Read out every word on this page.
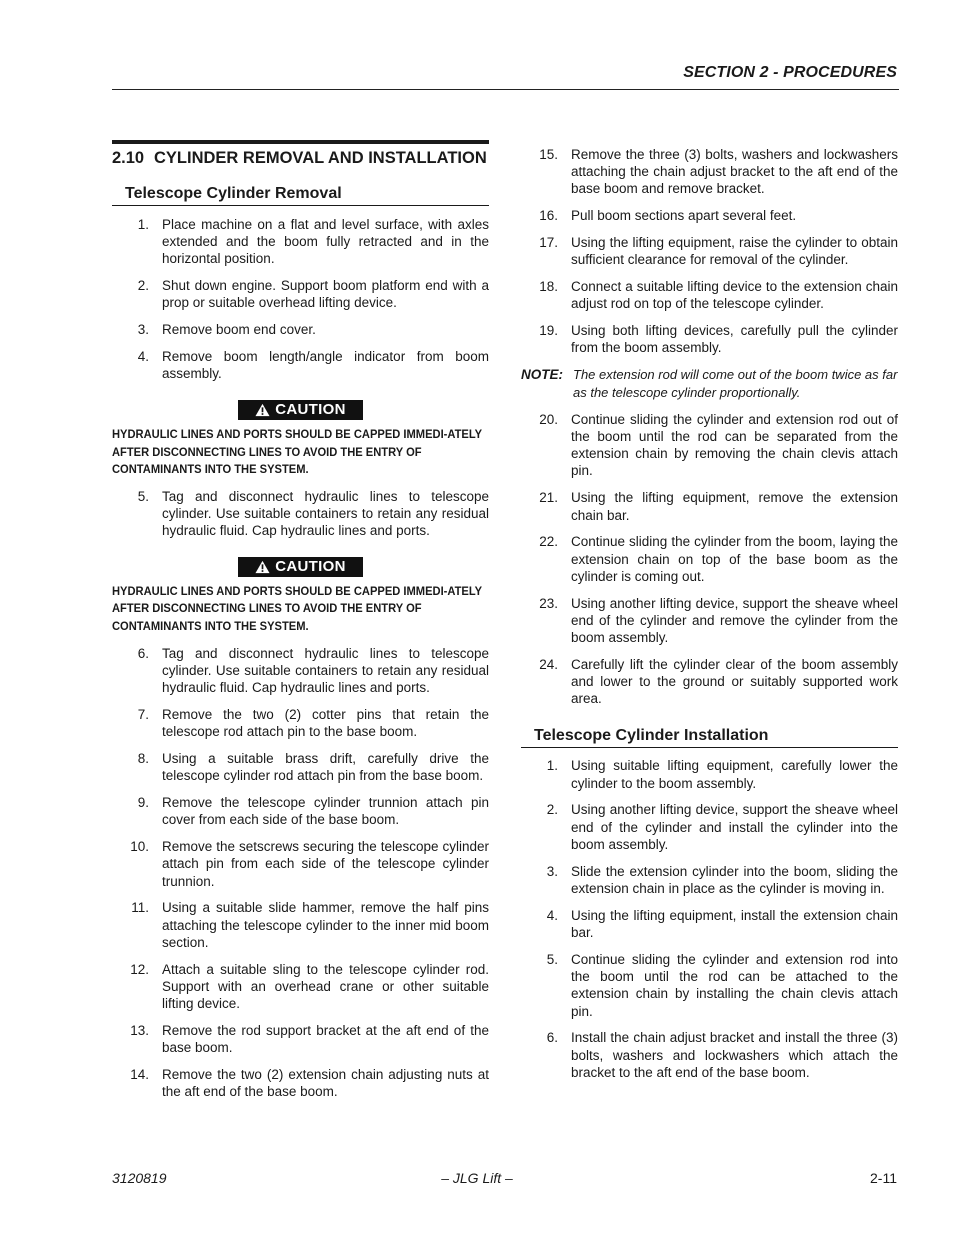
SECTION 2 - PROCEDURES
2.10 CYLINDER REMOVAL AND INSTALLATION
Telescope Cylinder Removal
1. Place machine on a flat and level surface, with axles extended and the boom fully retracted and in the horizontal position.
2. Shut down engine. Support boom platform end with a prop or suitable overhead lifting device.
3. Remove boom end cover.
4. Remove boom length/angle indicator from boom assembly.
CAUTION
HYDRAULIC LINES AND PORTS SHOULD BE CAPPED IMMEDI-ATELY AFTER DISCONNECTING LINES TO AVOID THE ENTRY OF CONTAMINANTS INTO THE SYSTEM.
5. Tag and disconnect hydraulic lines to telescope cylinder. Use suitable containers to retain any residual hydraulic fluid. Cap hydraulic lines and ports.
CAUTION
HYDRAULIC LINES AND PORTS SHOULD BE CAPPED IMMEDI-ATELY AFTER DISCONNECTING LINES TO AVOID THE ENTRY OF CONTAMINANTS INTO THE SYSTEM.
6. Tag and disconnect hydraulic lines to telescope cylinder. Use suitable containers to retain any residual hydraulic fluid. Cap hydraulic lines and ports.
7. Remove the two (2) cotter pins that retain the telescope rod attach pin to the base boom.
8. Using a suitable brass drift, carefully drive the telescope cylinder rod attach pin from the base boom.
9. Remove the telescope cylinder trunnion attach pin cover from each side of the base boom.
10. Remove the setscrews securing the telescope cylinder attach pin from each side of the telescope cylinder trunnion.
11. Using a suitable slide hammer, remove the half pins attaching the telescope cylinder to the inner mid boom section.
12. Attach a suitable sling to the telescope cylinder rod. Support with an overhead crane or other suitable lifting device.
13. Remove the rod support bracket at the aft end of the base boom.
14. Remove the two (2) extension chain adjusting nuts at the aft end of the base boom.
15. Remove the three (3) bolts, washers and lockwashers attaching the chain adjust bracket to the aft end of the base boom and remove bracket.
16. Pull boom sections apart several feet.
17. Using the lifting equipment, raise the cylinder to obtain sufficient clearance for removal of the cylinder.
18. Connect a suitable lifting device to the extension chain adjust rod on top of the telescope cylinder.
19. Using both lifting devices, carefully pull the cylinder from the boom assembly.
NOTE: The extension rod will come out of the boom twice as far as the telescope cylinder proportionally.
20. Continue sliding the cylinder and extension rod out of the boom until the rod can be separated from the extension chain by removing the chain clevis attach pin.
21. Using the lifting equipment, remove the extension chain bar.
22. Continue sliding the cylinder from the boom, laying the extension chain on top of the base boom as the cylinder is coming out.
23. Using another lifting device, support the sheave wheel end of the cylinder and remove the cylinder from the boom assembly.
24. Carefully lift the cylinder clear of the boom assembly and lower to the ground or suitably supported work area.
Telescope Cylinder Installation
1. Using suitable lifting equipment, carefully lower the cylinder to the boom assembly.
2. Using another lifting device, support the sheave wheel end of the cylinder and install the cylinder into the boom assembly.
3. Slide the extension cylinder into the boom, sliding the extension chain in place as the cylinder is moving in.
4. Using the lifting equipment, install the extension chain bar.
5. Continue sliding the cylinder and extension rod into the boom until the rod can be attached to the extension chain by installing the chain clevis attach pin.
6. Install the chain adjust bracket and install the three (3) bolts, washers and lockwashers which attach the bracket to the aft end of the base boom.
3120819	– JLG Lift –	2-11
